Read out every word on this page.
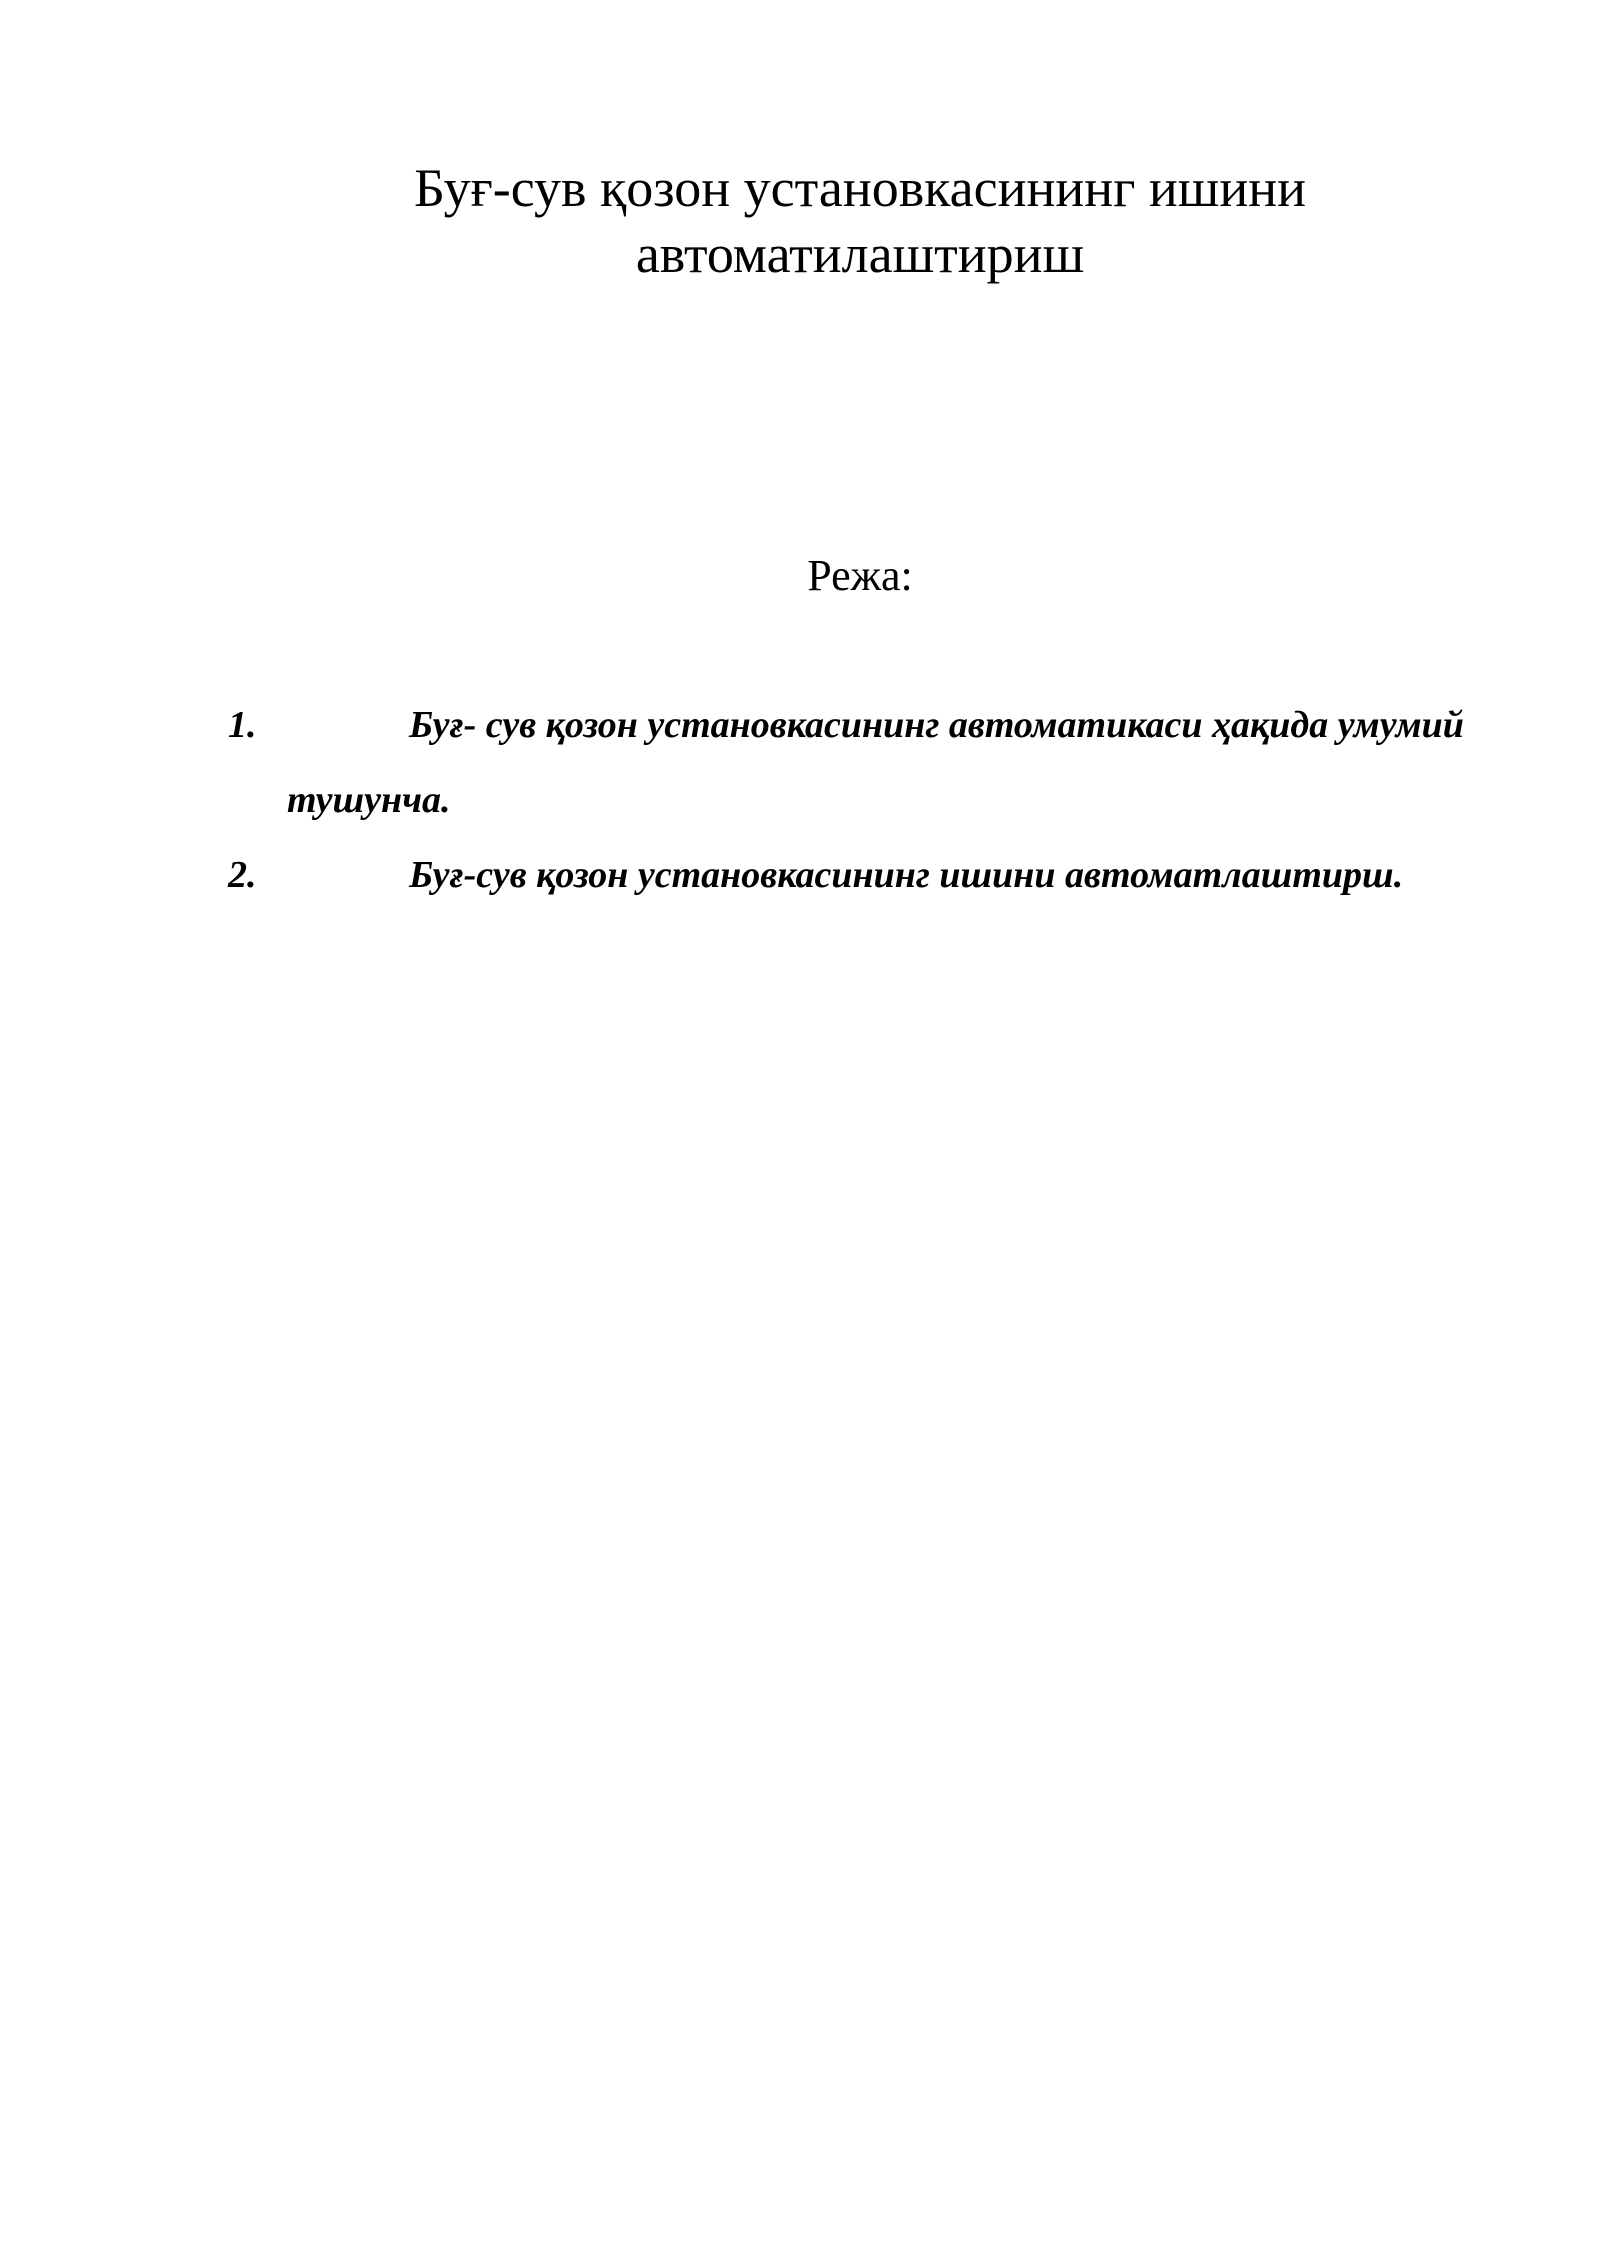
Буғ-сув қозон установкасининг ишини
автоматилаштириш
Режа:
1.	Буғ- сув қозон установкасининг автоматикаси ҳақида умумий тушунча.
2.	Буғ-сув қозон установкасининг ишини автоматлаштирш.
